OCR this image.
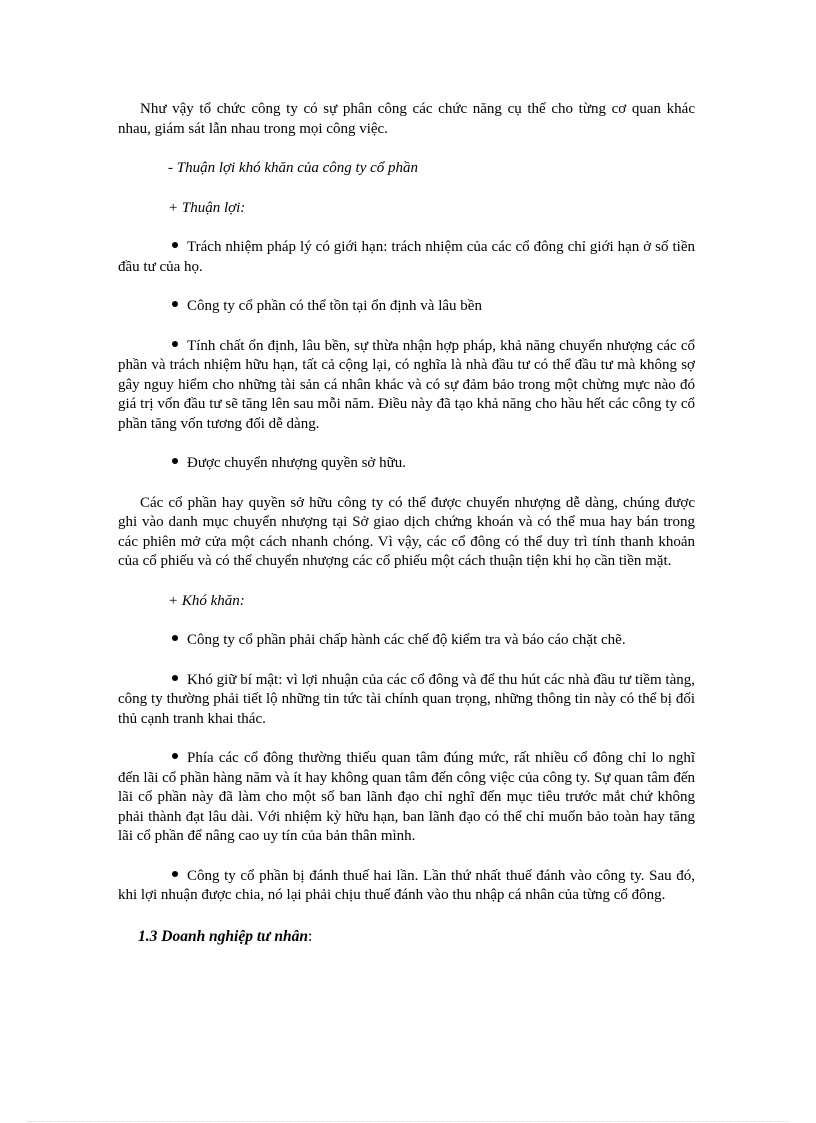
Như vậy tổ chức công ty có sự phân công các chức năng cụ thể cho từng cơ quan khác nhau, giám sát lẫn nhau trong mọi công việc.

- Thuận lợi khó khăn của công ty cổ phần

+ Thuận lợi:

Trách nhiệm pháp lý có giới hạn: trách nhiệm của các cổ đông chỉ giới hạn ở số tiền đầu tư của họ.

Công ty cổ phần có thể tồn tại ổn định và lâu bền

Tính chất ổn định, lâu bền, sự thừa nhận hợp pháp, khả năng chuyển nhượng các cổ phần và trách nhiệm hữu hạn, tất cả cộng lại, có nghĩa là nhà đầu tư có thể đầu tư mà không sợ gây nguy hiểm cho những tài sản cá nhân khác và có sự đảm bảo trong một chừng mực nào đó giá trị vốn đầu tư sẽ tăng lên sau mỗi năm. Điều này đã tạo khả năng cho hầu hết các công ty cổ phần tăng vốn tương đối dễ dàng.

Được chuyển nhượng quyền sở hữu.

Các cổ phần hay quyền sở hữu công ty có thể được chuyển nhượng dễ dàng, chúng được ghi vào danh mục chuyển nhượng tại Sở giao dịch chứng khoán và có thể mua hay bán trong các phiên mở cửa một cách nhanh chóng. Vì vậy, các cổ đông có thể duy trì tính thanh khoản của cổ phiếu và có thể chuyển nhượng các cổ phiếu một cách thuận tiện khi họ cần tiền mặt.

+ Khó khăn:

Công ty cổ phần phải chấp hành các chế độ kiểm tra và báo cáo chặt chẽ.

Khó giữ bí mật: vì lợi nhuận của các cổ đông và để thu hút các nhà đầu tư tiềm tàng, công ty thường phải tiết lộ những tin tức tài chính quan trọng, những thông tin này có thể bị đối thủ cạnh tranh khai thác.

Phía các cổ đông thường thiếu quan tâm đúng mức, rất nhiều cổ đông chỉ lo nghĩ đến lãi cổ phần hàng năm và ít hay không quan tâm đến công việc của công ty. Sự quan tâm đến lãi cổ phần này đã làm cho một số ban lãnh đạo chỉ nghĩ đến mục tiêu trước mắt chứ không phải thành đạt lâu dài. Với nhiệm kỳ hữu hạn, ban lãnh đạo có thể chỉ muốn bảo toàn hay tăng lãi cổ phần để nâng cao uy tín của bản thân mình.

Công ty cổ phần bị đánh thuế hai lần. Lần thứ nhất thuế đánh vào công ty. Sau đó, khi lợi nhuận được chia, nó lại phải chịu thuế đánh vào thu nhập cá nhân của từng cổ đông.

1.3 Doanh nghiệp tư nhân:
